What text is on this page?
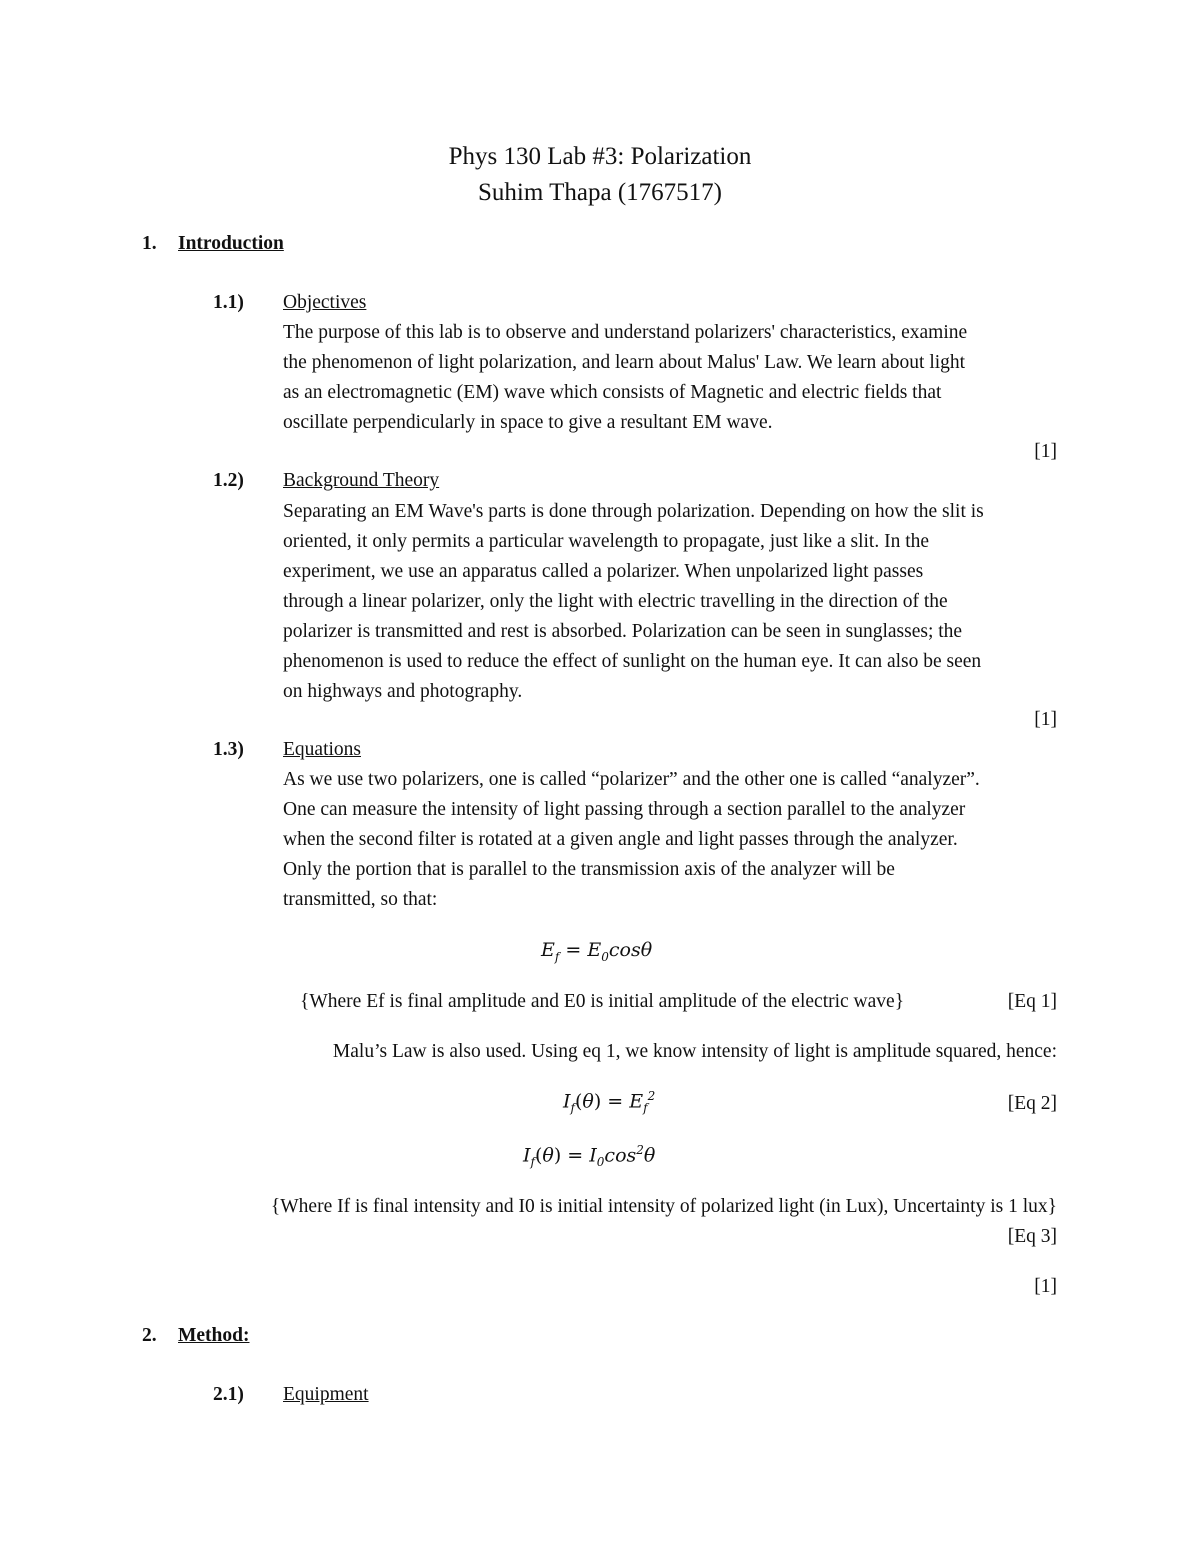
Phys 130 Lab #3: Polarization
Suhim Thapa (1767517)
1. Introduction
1.1) Objectives
The purpose of this lab is to observe and understand polarizers' characteristics, examine
the phenomenon of light polarization, and learn about Malus' Law. We learn about light
as an electromagnetic (EM) wave which consists of Magnetic and electric fields that
oscillate perpendicularly in space to give a resultant EM wave.
[1]
1.2) Background Theory
Separating an EM Wave's parts is done through polarization. Depending on how the slit is
oriented, it only permits a particular wavelength to propagate, just like a slit. In the
experiment, we use an apparatus called a polarizer. When unpolarized light passes
through a linear polarizer, only the light with electric travelling in the direction of the
polarizer is transmitted and rest is absorbed. Polarization can be seen in sunglasses; the
phenomenon is used to reduce the effect of sunlight on the human eye. It can also be seen
on highways and photography.
[1]
1.3) Equations
As we use two polarizers, one is called “polarizer” and the other one is called “analyzer”.
One can measure the intensity of light passing through a section parallel to the analyzer
when the second filter is rotated at a given angle and light passes through the analyzer.
Only the portion that is parallel to the transmission axis of the analyzer will be
transmitted, so that:
$E_f = E_0\cos\theta$
{Where Ef is final amplitude and E0 is initial amplitude of the electric wave}	[Eq 1]
Malu’s Law is also used. Using eq 1, we know intensity of light is amplitude squared, hence:
$I_f(\theta) = E_f^2$	[Eq 2]
$I_f(\theta) = I_0\cos^2\theta$
{Where If is final intensity and I0 is initial intensity of polarized light (in Lux), Uncertainty is 1 lux}
[Eq 3]
[1]
2. Method:
2.1) Equipment
